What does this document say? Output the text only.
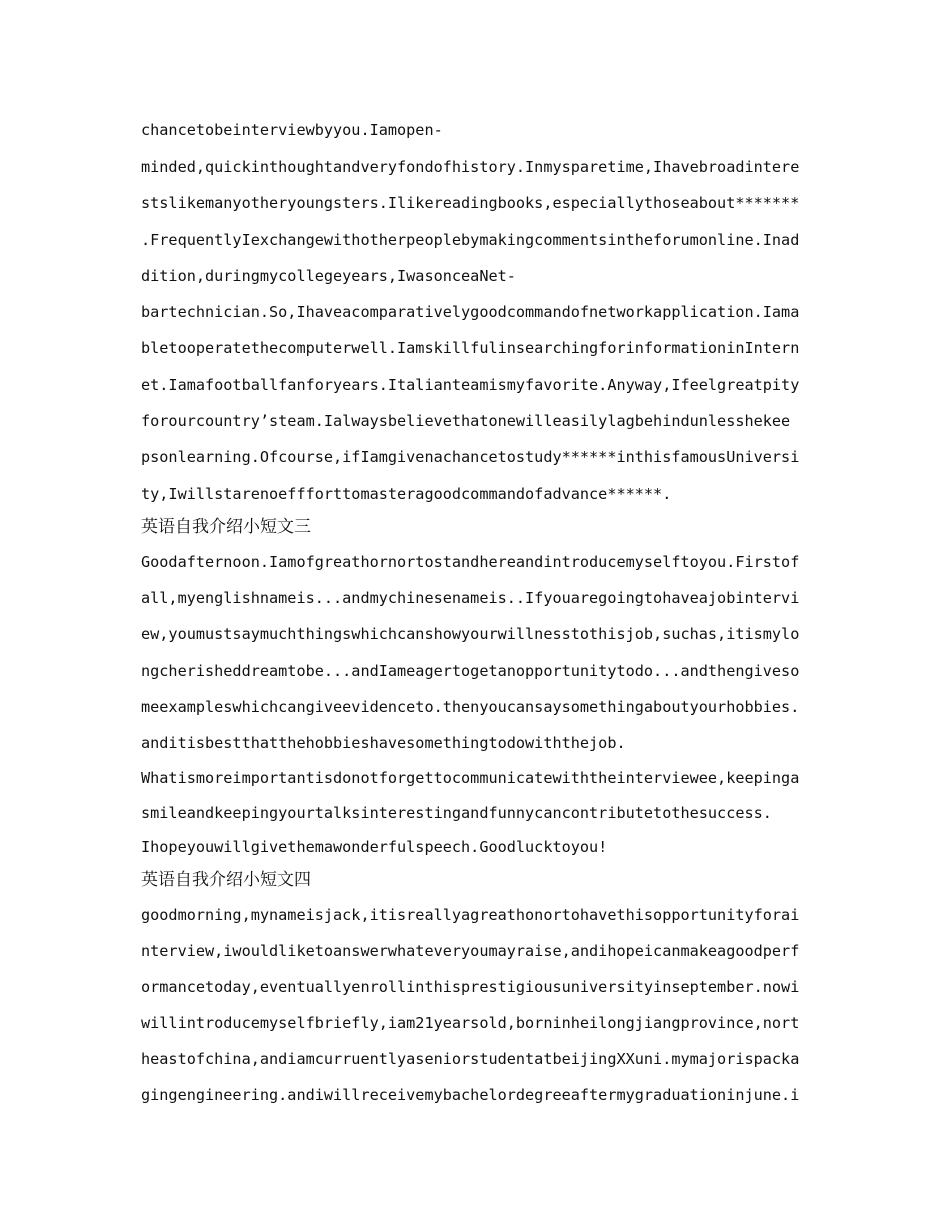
chancetobeinterviewbyyou.Iamopen-
minded,quickinthoughtandveryfondofhistory.Inmysparetime,Ihavebroadintere
stslikemanyotheryoungsters.Ilikereadingbooks,especiallythoseabout*******
.FrequentlyIexchangewithotherpeoplebymakingcommentsintheforumonline.Inad
dition,duringmycollegeyears,IwasonceaNet-
bartechnician.So,Ihaveacomparativelygoodcommandofnetworkapplication.Iama
bletooperatethecomputerwell.IamskillfulinsearchingforinformationinIntern
et.Iamafootballfanforyears.Italianteamismyfavorite.Anyway,Ifeelgreatpity
forourcountry’steam.Ialwaysbelievethatonewilleasilylagbehindunlesshekee
psonlearning.Ofcourse,ifIamgivenachancetostudy******inthisfamousUniversi
ty,Iwillstarenoeffforttomasteragoodcommandofadvance******.
英语自我介绍小短文三
Goodafternoon.Iamofgreathornortostandhereandintroducemyselftoyou.Firstof
all,myenglishnameis...andmychinesenameis..Ifyouaregoingtohaveajobintervi
ew,youmustsaymuchthingswhichcanshowyourwillnesstothisjob,suchas,itismylo
ngcherisheddreamtobe...andIameagertogetanopportunitytodo...andthengiveso
meexampleswhichcangiveevidenceto.thenyoucansaysomethingaboutyourhobbies.
anditisbestthatthehobbieshavesomethingtodowiththejob.
Whatismoreimportantisdonotforgettocommunicatewiththeinterviewee,keepinga
smileandkeepingyourtalksinterestingandfunnycancontributetothesuccess.
Ihopeyouwillgivethemawonderfulspeech.Goodlucktoyou!
英语自我介绍小短文四
goodmorning,mynameisjack,itisreallyagreathonortohavethisopportunityforai
nterview,iwouldliketoanswerwhateveryoumayraise,andihopeicanmakeagoodperf
ormancetoday,eventuallyenrollinthisprestigiousuniversityinseptember.nowi
willintroducemyselfbriefly,iam21yearsold,borninheilongjiangprovince,nort
heastofchina,andiamcurruentlyaseniorstudentatbeijingXXuni.mymajorispacka
gingengineering.andiwillreceivemybachelordegreeaftermygraduationinjune.i
